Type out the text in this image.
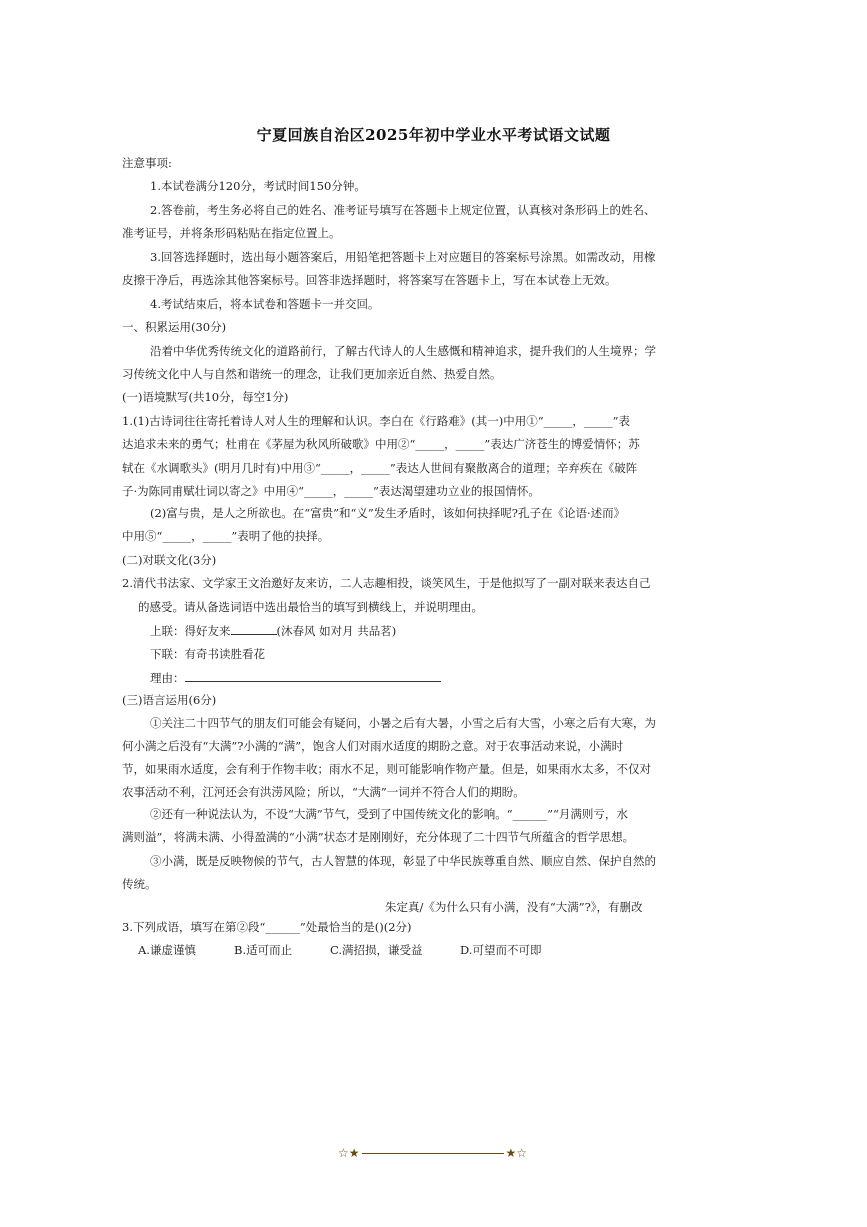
宁夏回族自治区2025年初中学业水平考试语文试题
注意事项:
1.本试卷满分120分，考试时间150分钟。
2.答卷前，考生务必将自己的姓名、准考证号填写在答题卡上规定位置，认真核对条形码上的姓名、
准考证号，并将条形码粘贴在指定位置上。
3.回答选择题时，选出每小题答案后，用铅笔把答题卡上对应题目的答案标号涂黑。如需改动，用橡
皮擦干净后，再选涂其他答案标号。回答非选择题时，将答案写在答题卡上，写在本试卷上无效。
4.考试结束后，将本试卷和答题卡一并交回。
一、积累运用(30分)
沿着中华优秀传统文化的道路前行，了解古代诗人的人生感慨和精神追求，提升我们的人生境界；学
习传统文化中人与自然和谐统一的理念，让我们更加亲近自然、热爱自然。
(一)语境默写(共10分，每空1分)
1.(1)古诗词往往寄托着诗人对人生的理解和认识。李白在《行路难》(其一)中用①“_____，_____”表
达追求未来的勇气；杜甫在《茅屋为秋风所破歌》中用②“_____，_____”表达广济苍生的博爱情怀；苏
轼在《水调歌头》(明月几时有)中用③“_____，_____”表达人世间有聚散离合的道理；辛弃疾在《破阵
子·为陈同甫赋壮词以寄之》中用④“_____，_____”表达渴望建功立业的报国情怀。
(2)富与贵，是人之所欲也。在“富贵”和“义”发生矛盾时，该如何抉择呢?孔子在《论语·述而》
中用⑤“_____，_____”表明了他的抉择。
(二)对联文化(3分)
2.清代书法家、文学家王文治邀好友来访，二人志趣相投，谈笑风生，于是他拟写了一副对联来表达自己
的感受。请从备选词语中选出最恰当的填写到横线上，并说明理由。
上联：得好友来	(沐春风 如对月 共品茗)
下联：有奇书读胜看花
理由：
(三)语言运用(6分)
①关注二十四节气的朋友们可能会有疑问，小暑之后有大暑，小雪之后有大雪，小寒之后有大寒，为
何小满之后没有“大满”?小满的“满”，饱含人们对雨水适度的期盼之意。对于农事活动来说，小满时
节，如果雨水适度，会有利于作物丰收；雨水不足，则可能影响作物产量。但是，如果雨水太多，不仅对
农事活动不利，江河还会有洪涝风险；所以，“大满”一词并不符合人们的期盼。
②还有一种说法认为，不设“大满”节气，受到了中国传统文化的影响。“______”“月满则亏，水
满则溢”，将满未满、小得盈满的“小满”状态才是刚刚好，充分体现了二十四节气所蕴含的哲学思想。
③小满，既是反映物候的节气，古人智慧的体现，彰显了中华民族尊重自然、顺应自然、保护自然的
传统。
朱定真/《为什么只有小满，没有“大满”?》，有删改
3.下列成语，填写在第②段“______”处最恰当的是()(2分)
A.谦虚谨慎	B.适可而止	C.满招损，谦受益	D.可望而不可即
☆★	★☆
